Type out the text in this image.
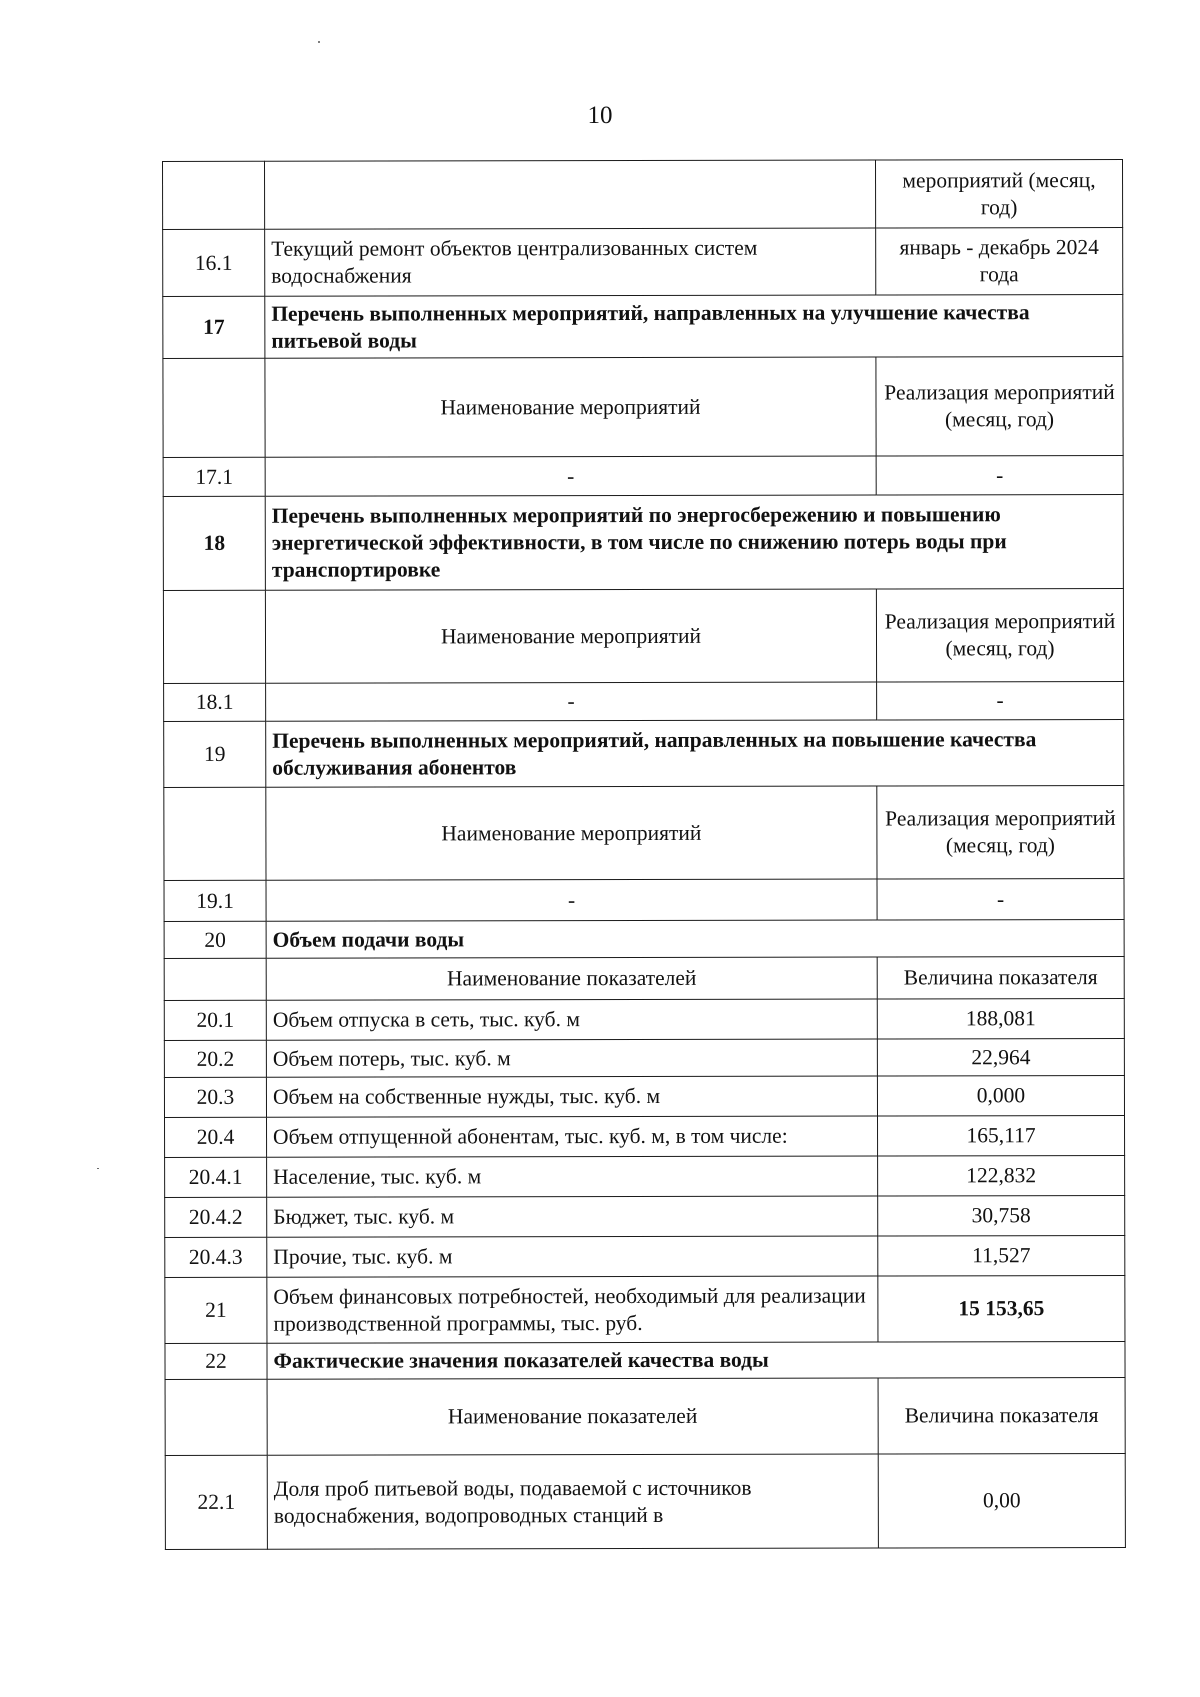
10
		мероприятий (месяц, год)
16.1	Текущий ремонт объектов централизованных систем водоснабжения	январь - декабрь 2024 года
17	Перечень выполненных мероприятий, направленных на улучшение качества питьевой воды	
	Наименование мероприятий	Реализация мероприятий (месяц, год)
17.1	-	-
18	Перечень выполненных мероприятий по энергосбережению и повышению энергетической эффективности, в том числе по снижению потерь воды при транспортировке	
	Наименование мероприятий	Реализация мероприятий (месяц, год)
18.1	-	-
19	Перечень выполненных мероприятий, направленных на повышение качества обслуживания абонентов	
	Наименование мероприятий	Реализация мероприятий (месяц, год)
19.1	-	-
20	Объем подачи воды	
	Наименование показателей	Величина показателя
20.1	Объем отпуска в сеть, тыс. куб. м	188,081
20.2	Объем потерь, тыс. куб. м	22,964
20.3	Объем на собственные нужды, тыс. куб. м	0,000
20.4	Объем отпущенной абонентам, тыс. куб. м, в том числе:	165,117
20.4.1	Население, тыс. куб. м	122,832
20.4.2	Бюджет, тыс. куб. м	30,758
20.4.3	Прочие, тыс. куб. м	11,527
21	Объем финансовых потребностей, необходимый для реализации производственной программы, тыс. руб.	15 153,65
22	Фактические значения показателей качества воды	
	Наименование показателей	Величина показателя
22.1	Доля проб питьевой воды, подаваемой с источников водоснабжения, водопроводных станций в	0,00
